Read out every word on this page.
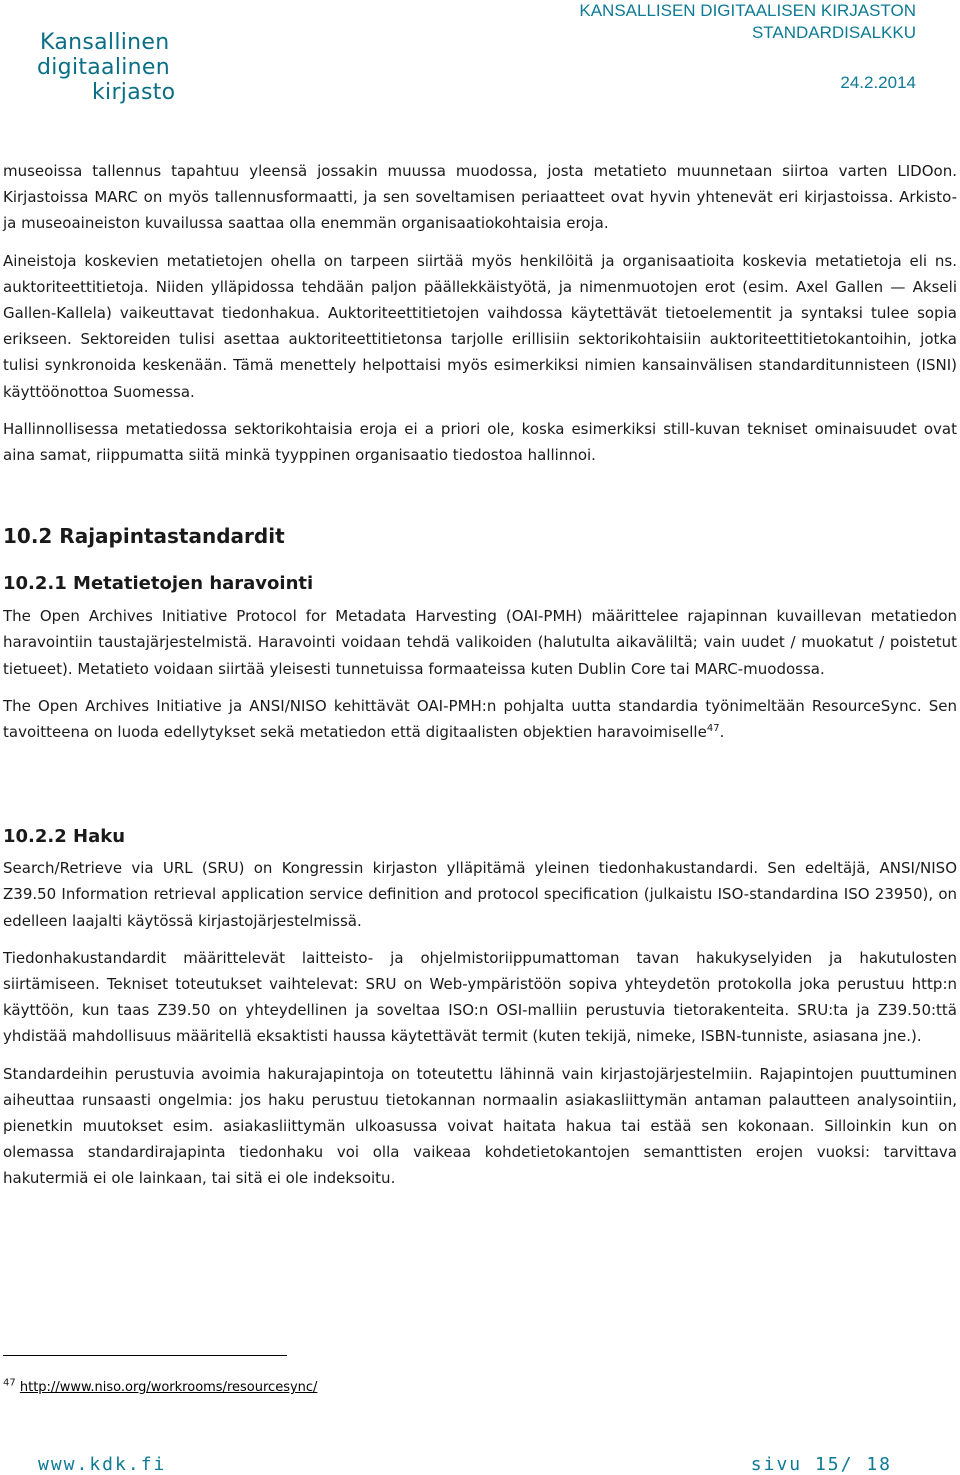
Kansallinen
digitaalinen
kirjasto
KANSALLISEN DIGITAALISEN KIRJASTON
STANDARDISALKKU
24.2.2014

museoissa tallennus tapahtuu yleensä jossakin muussa muodossa, josta metatieto muunnetaan siirtoa varten LIDOon. Kirjastoissa MARC on myös tallennusformaatti, ja sen soveltamisen periaatteet ovat hyvin yhtenevät eri kirjastoissa. Arkisto- ja museoaineiston kuvailussa saattaa olla enemmän organisaatiokohtaisia eroja.

Aineistoja koskevien metatietojen ohella on tarpeen siirtää myös henkilöitä ja organisaatioita koskevia metatietoja eli ns. auktoriteettitietoja. Niiden ylläpidossa tehdään paljon päällekkäistyötä, ja nimenmuotojen erot (esim. Axel Gallen — Akseli Gallen-Kallela) vaikeuttavat tiedonhakua. Auktoriteettitietojen vaihdossa käytettävät tietoelementit ja syntaksi tulee sopia erikseen. Sektoreiden tulisi asettaa auktoriteettitietonsa tarjolle erillisiin sektorikohtaisiin auktoriteettitietokantoihin, jotka tulisi synkronoida keskenään. Tämä menettely helpottaisi myös esimerkiksi nimien kansainvälisen standarditunnisteen (ISNI) käyttöönottoa Suomessa.

Hallinnollisessa metatiedossa sektorikohtaisia eroja ei a priori ole, koska esimerkiksi still-kuvan tekniset ominaisuudet ovat aina samat, riippumatta siitä minkä tyyppinen organisaatio tiedostoa hallinnoi.

10.2 Rajapintastandardit
10.2.1 Metatietojen haravointi

The Open Archives Initiative Protocol for Metadata Harvesting (OAI-PMH) määrittelee rajapinnan kuvaillevan metatiedon haravointiin taustajärjestelmistä. Haravointi voidaan tehdä valikoiden (halutulta aikaväliltä; vain uudet / muokatut / poistetut tietueet). Metatieto voidaan siirtää yleisesti tunnetuissa formaateissa kuten Dublin Core tai MARC-muodossa.

The Open Archives Initiative ja ANSI/NISO kehittävät OAI-PMH:n pohjalta uutta standardia työnimeltään ResourceSync. Sen tavoitteena on luoda edellytykset sekä metatiedon että digitaalisten objektien haravoimiselle$^{47}$.

10.2.2 Haku

Search/Retrieve via URL (SRU) on Kongressin kirjaston ylläpitämä yleinen tiedonhakustandardi. Sen edeltäjä, ANSI/NISO Z39.50 Information retrieval application service definition and protocol specification (julkaistu ISO-standardina ISO 23950), on edelleen laajalti käytössä kirjastojärjestelmissä.

Tiedonhakustandardit määrittelevät laitteisto- ja ohjelmistoriippumattoman tavan hakukyselyiden ja hakutulosten siirtämiseen. Tekniset toteutukset vaihtelevat: SRU on Web-ympäristöön sopiva yhteydetön protokolla joka perustuu http:n käyttöön, kun taas Z39.50 on yhteydellinen ja soveltaa ISO:n OSI-malliin perustuvia tietorakenteita. SRU:ta ja Z39.50:ttä yhdistää mahdollisuus määritellä eksaktisti haussa käytettävät termit (kuten tekijä, nimeke, ISBN-tunniste, asiasana jne.).

Standardeihin perustuvia avoimia hakurajapintoja on toteutettu lähinnä vain kirjastojärjestelmiin. Rajapintojen puuttuminen aiheuttaa runsaasti ongelmia: jos haku perustuu tietokannan normaalin asiakasliittymän antaman palautteen analysointiin, pienetkin muutokset esim. asiakasliittymän ulkoasussa voivat haitata hakua tai estää sen kokonaan. Silloinkin kun on olemassa standardirajapinta tiedonhaku voi olla vaikeaa kohdetietokantojen semanttisten erojen vuoksi: tarvittava hakutermiä ei ole lainkaan, tai sitä ei ole indeksoitu.

$^{47}$ http://www.niso.org/workrooms/resourcesync/
www.kdk.fi	sivu 15/ 18
